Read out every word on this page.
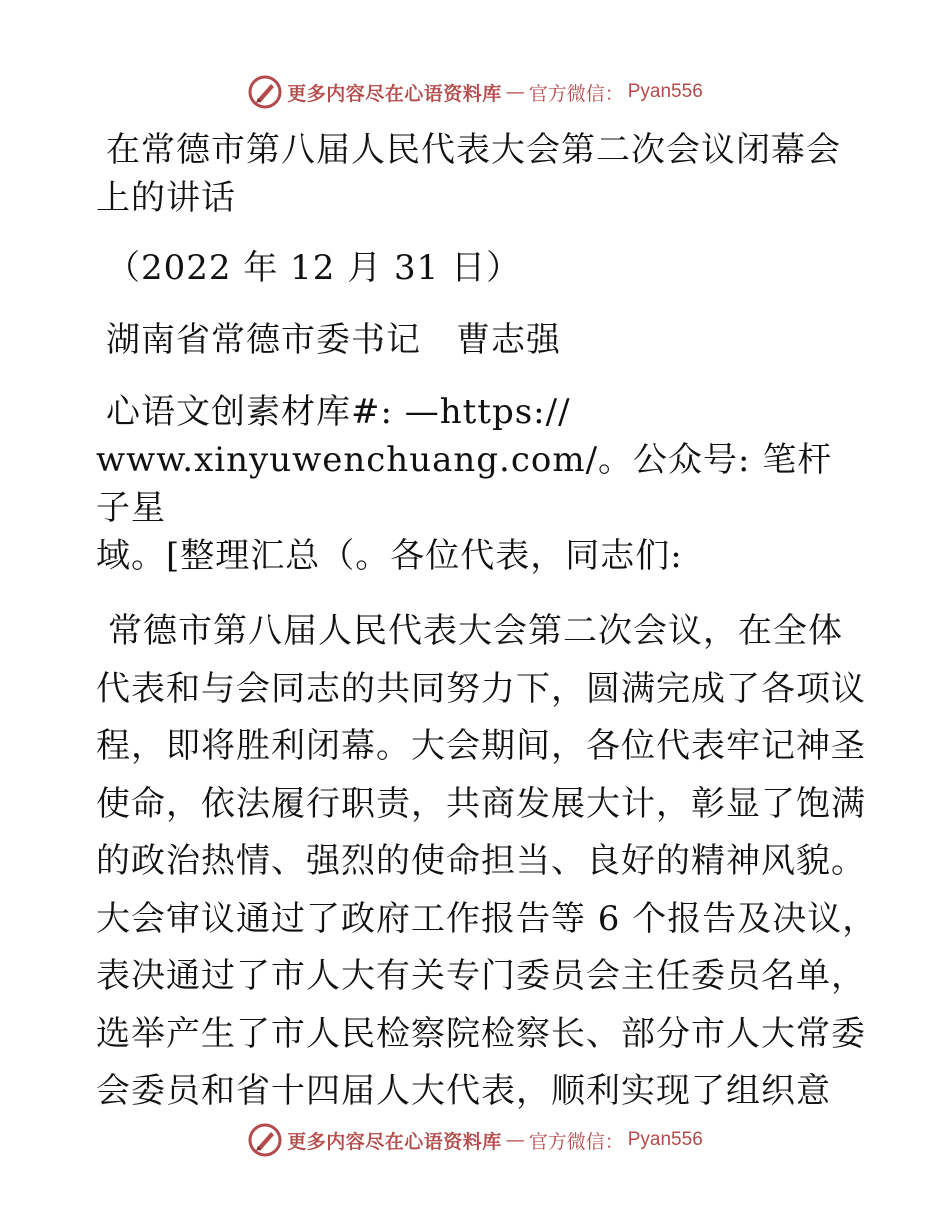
更多内容尽在心语资料库 — 官方微信： Pyan556

在常德市第八届人民代表大会第二次会议闭幕会

上的讲话

（2022 年 12 月 31 日）

湖南省常德市委书记　曹志强

心语文创素材库#: —https://
www.xinyuwenchuang.com/。公众号: 笔杆子星
域。[整理汇总（。各位代表，同志们:

常德市第八届人民代表大会第二次会议，在全体
代表和与会同志的共同努力下，圆满完成了各项议
程，即将胜利闭幕。大会期间，各位代表牢记神圣
使命，依法履行职责，共商发展大计，彰显了饱满
的政治热情、强烈的使命担当、良好的精神风貌。
大会审议通过了政府工作报告等 6 个报告及决议，
表决通过了市人大有关专门委员会主任委员名单，
选举产生了市人民检察院检察长、部分市人大常委
会委员和省十四届人大代表，顺利实现了组织意

更多内容尽在心语资料库 — 官方微信： Pyan556
